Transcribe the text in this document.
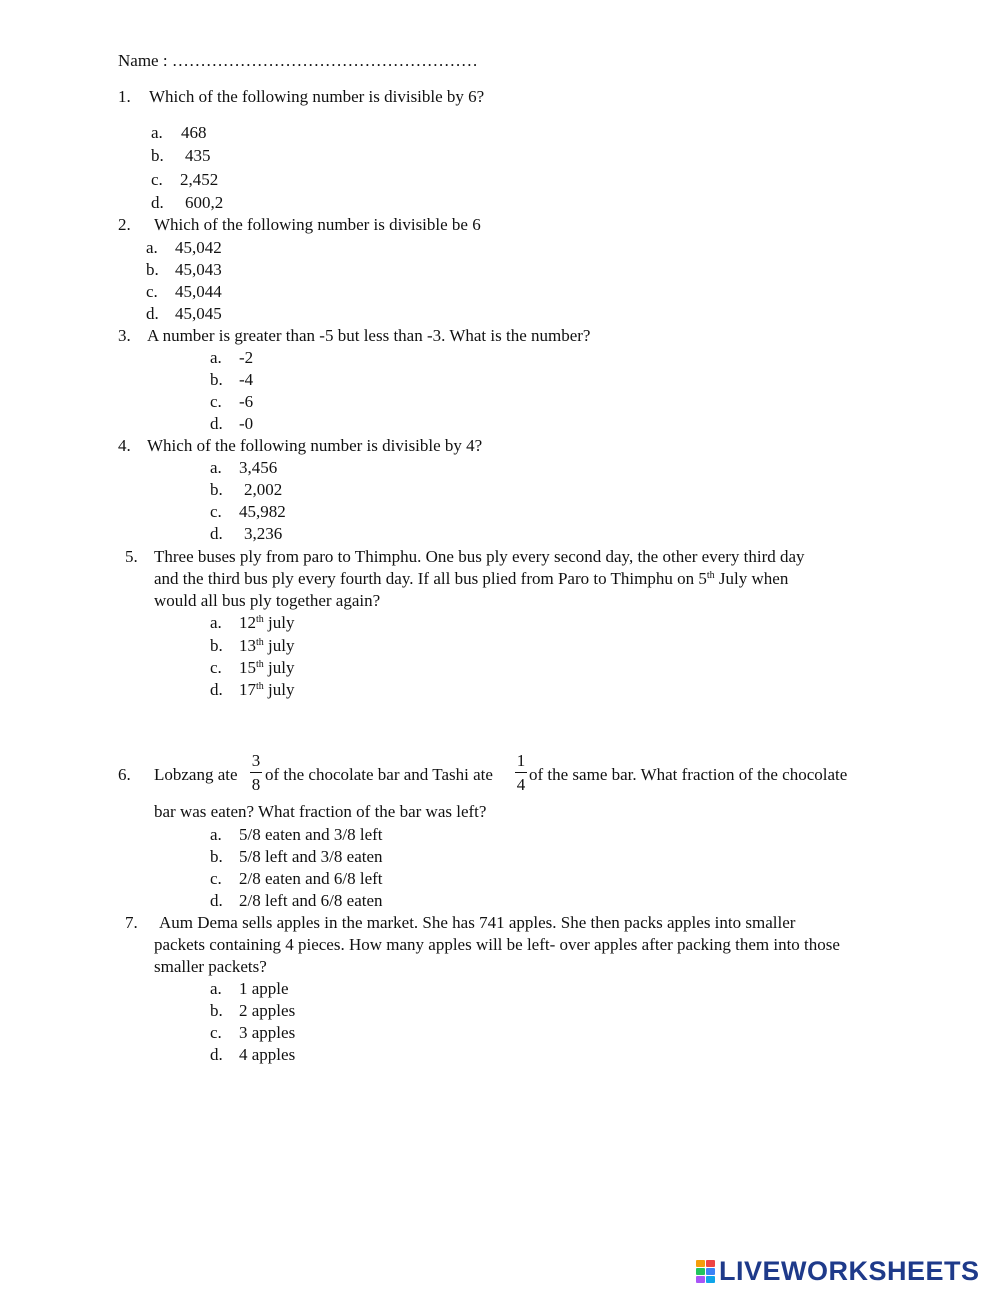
Name : ………………………………………………
1. Which of the following number is divisible by 6?
a. 468
b. 435
c. 2,452
d. 600,2
2. Which of the following number is divisible be 6
a. 45,042
b. 45,043
c. 45,044
d. 45,045
3. A number is greater than -5 but less than -3. What is the number?
a. -2
b. -4
c. -6
d. -0
4. Which of the following number is divisible by 4?
a. 3,456
b. 2,002
c. 45,982
d. 3,236
5. Three buses ply from paro to Thimphu. One bus ply every second day, the other every third day
and the third bus ply every fourth day. If all bus plied from Paro to Thimphu on 5th July when
would all bus ply together again?
a. 12th july
b. 13th july
c. 15th july
d. 17th july
6. Lobzang ate
3
8
of the chocolate bar and Tashi ate
1
4
of the same bar. What fraction of the chocolate
bar was eaten? What fraction of the bar was left?
a. 5/8 eaten and 3/8 left
b. 5/8 left and 3/8 eaten
c. 2/8 eaten and 6/8 left
d. 2/8 left and 6/8 eaten
7. Aum Dema sells apples in the market. She has 741 apples. She then packs apples into smaller
packets containing 4 pieces. How many apples will be left- over apples after packing them into those
smaller packets?
a. 1 apple
b. 2 apples
c. 3 apples
d. 4 apples
LIVEWORKSHEETS
